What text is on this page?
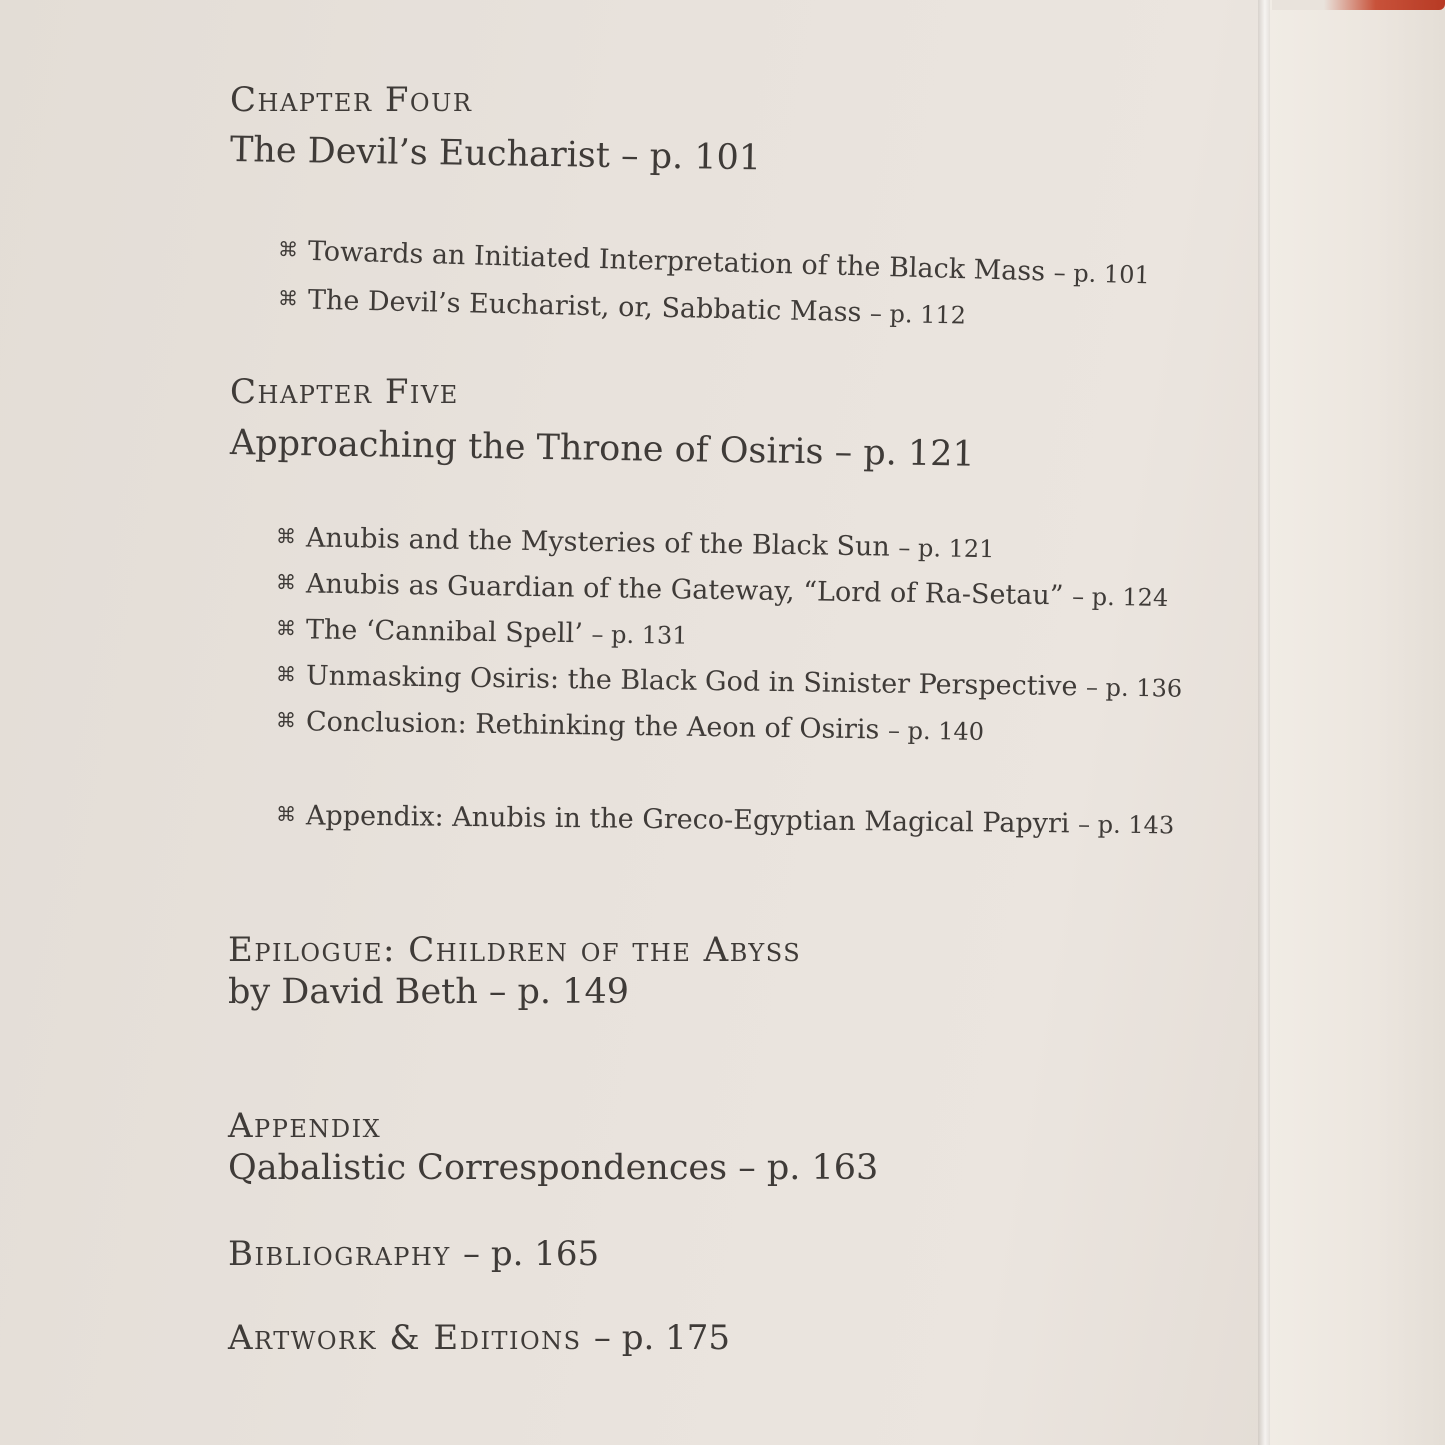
Chapter Four
The Devil’s Eucharist – p. 101
⌘ Towards an Initiated Interpretation of the Black Mass – p. 101
⌘ The Devil’s Eucharist, or, Sabbatic Mass – p. 112
Chapter Five
Approaching the Throne of Osiris – p. 121
⌘ Anubis and the Mysteries of the Black Sun – p. 121
⌘ Anubis as Guardian of the Gateway, “Lord of Ra-Setau” – p. 124
⌘ The ‘Cannibal Spell’ – p. 131
⌘ Unmasking Osiris: the Black God in Sinister Perspective – p. 136
⌘ Conclusion: Rethinking the Aeon of Osiris – p. 140
⌘ Appendix: Anubis in the Greco-Egyptian Magical Papyri – p. 143
Epilogue: Children of the Abyss
by David Beth – p. 149
Appendix
Qabalistic Correspondences – p. 163
Bibliography – p. 165
Artwork & Editions – p. 175
